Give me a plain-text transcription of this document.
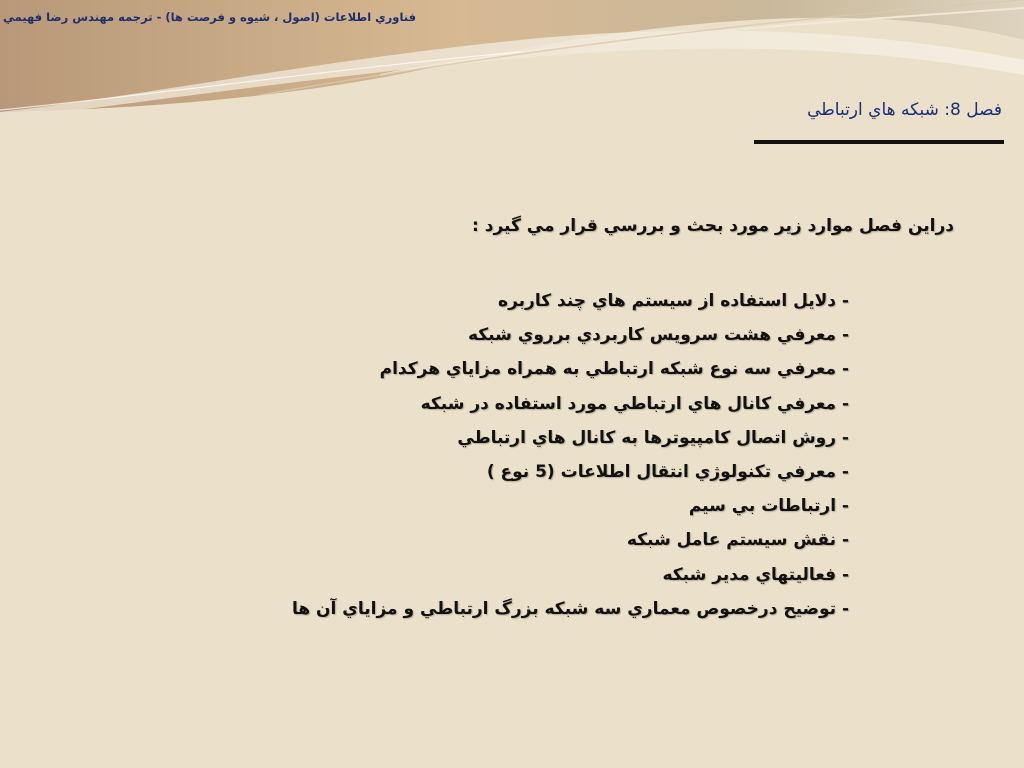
فناوري اطلاعات (اصول ، شيوه و فرصت ها) - ترجمه مهندس رضا فهيمي
فصل 8: شبکه هاي ارتباطي

دراين فصل موارد زير مورد بحث و بررسي قرار مي گيرد :

- دلايل استفاده از سيستم هاي چند کاربره
- معرفي هشت سرويس کاربردي برروي شبکه
- معرفي سه نوع شبکه ارتباطي به همراه مزاياي هرکدام
- معرفي کانال هاي ارتباطي مورد استفاده در شبکه
- روش اتصال کامپيوترها به کانال هاي ارتباطي
- معرفي تکنولوژي انتقال اطلاعات (5 نوع )
- ارتباطات بي سيم
- نقش سيستم عامل شبکه
- فعاليتهاي مدير شبکه
- توضيح درخصوص معماري سه شبکه بزرگ ارتباطي و مزاياي آن ها
